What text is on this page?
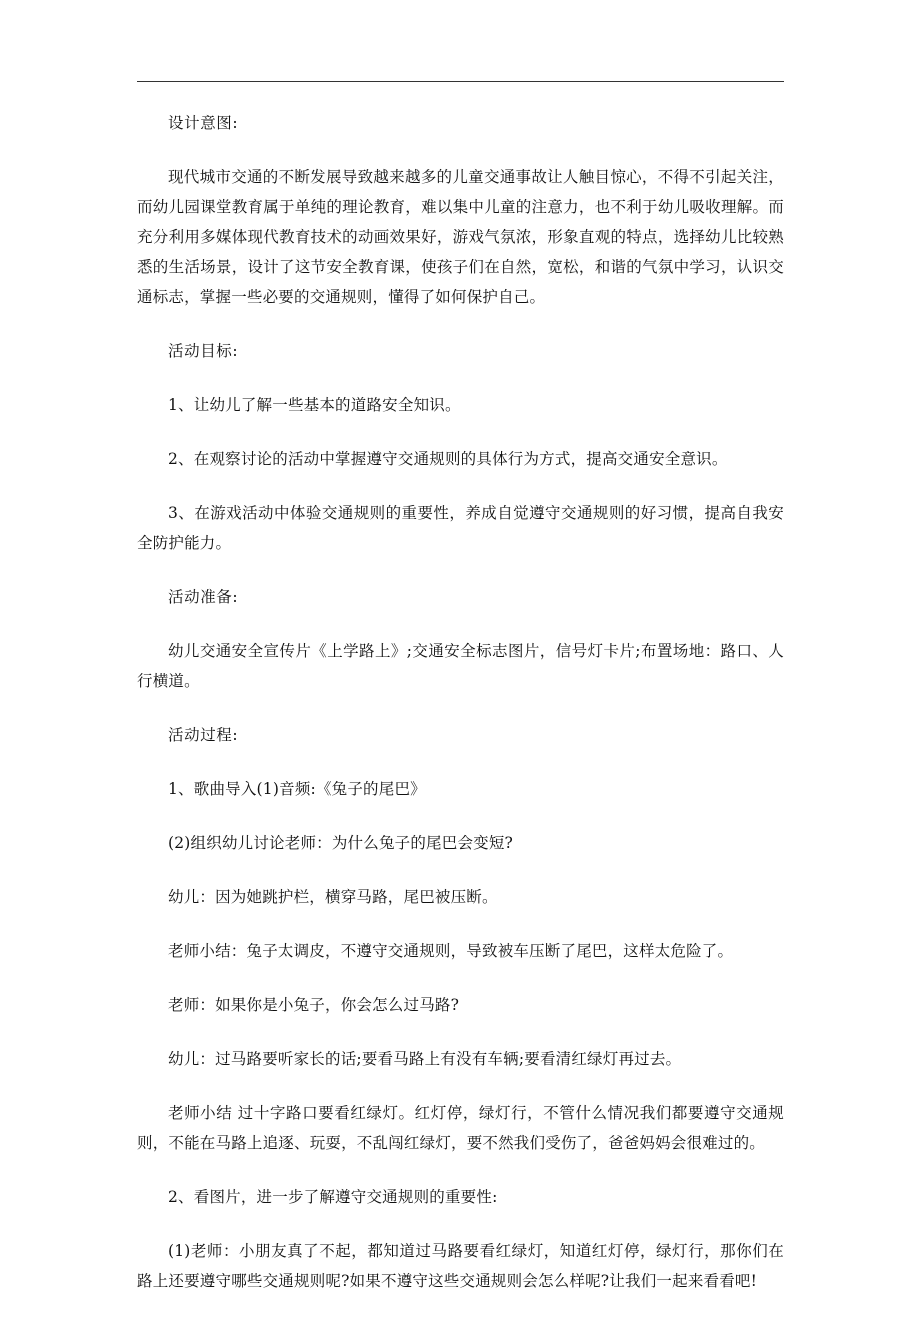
设计意图:

现代城市交通的不断发展导致越来越多的儿童交通事故让人触目惊心，不得不引起关注，而幼儿园课堂教育属于单纯的理论教育，难以集中儿童的注意力，也不利于幼儿吸收理解。而充分利用多媒体现代教育技术的动画效果好，游戏气氛浓，形象直观的特点，选择幼儿比较熟悉的生活场景，设计了这节安全教育课，使孩子们在自然，宽松，和谐的气氛中学习，认识交通标志，掌握一些必要的交通规则，懂得了如何保护自己。

活动目标:

1、让幼儿了解一些基本的道路安全知识。

2、在观察讨论的活动中掌握遵守交通规则的具体行为方式，提高交通安全意识。

3、在游戏活动中体验交通规则的重要性，养成自觉遵守交通规则的好习惯，提高自我安全防护能力。

活动准备:

幼儿交通安全宣传片《上学路上》;交通安全标志图片，信号灯卡片;布置场地：路口、人行横道。

活动过程:

1、歌曲导入(1)音频:《兔子的尾巴》

(2)组织幼儿讨论老师：为什么兔子的尾巴会变短?

幼儿：因为她跳护栏，横穿马路，尾巴被压断。

老师小结：兔子太调皮，不遵守交通规则，导致被车压断了尾巴，这样太危险了。

老师：如果你是小兔子，你会怎么过马路?

幼儿：过马路要听家长的话;要看马路上有没有车辆;要看清红绿灯再过去。

老师小结 过十字路口要看红绿灯。红灯停，绿灯行，不管什么情况我们都要遵守交通规则，不能在马路上追逐、玩耍，不乱闯红绿灯，要不然我们受伤了，爸爸妈妈会很难过的。

2、看图片，进一步了解遵守交通规则的重要性:

(1)老师：小朋友真了不起，都知道过马路要看红绿灯，知道红灯停，绿灯行，那你们在路上还要遵守哪些交通规则呢?如果不遵守这些交通规则会怎么样呢?让我们一起来看看吧!
